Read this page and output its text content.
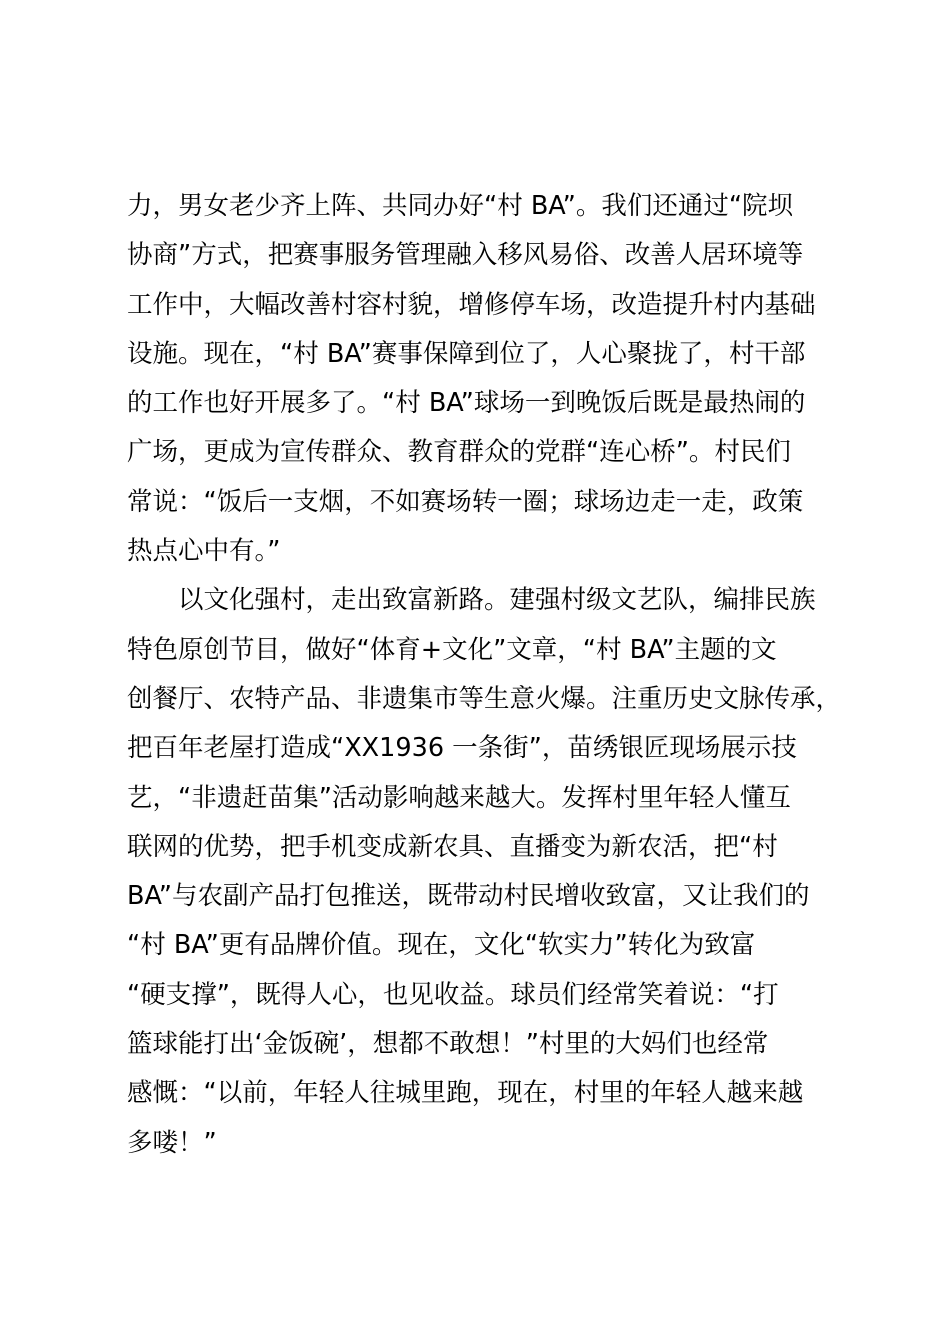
力，男女老少齐上阵、共同办好“村 BA”。我们还通过“院坝
协商”方式，把赛事服务管理融入移风易俗、改善人居环境等
工作中，大幅改善村容村貌，增修停车场，改造提升村内基础
设施。现在，“村 BA”赛事保障到位了，人心聚拢了，村干部
的工作也好开展多了。“村 BA”球场一到晚饭后既是最热闹的
广场，更成为宣传群众、教育群众的党群“连心桥”。村民们
常说：“饭后一支烟，不如赛场转一圈；球场边走一走，政策
热点心中有。”
　　以文化强村，走出致富新路。建强村级文艺队，编排民族
特色原创节目，做好“体育+文化”文章，“村 BA”主题的文
创餐厅、农特产品、非遗集市等生意火爆。注重历史文脉传承，
把百年老屋打造成“XX1936 一条街”，苗绣银匠现场展示技
艺，“非遗赶苗集”活动影响越来越大。发挥村里年轻人懂互
联网的优势，把手机变成新农具、直播变为新农活，把“村
BA”与农副产品打包推送，既带动村民增收致富，又让我们的
“村 BA”更有品牌价值。现在，文化“软实力”转化为致富
“硬支撑”，既得人心，也见收益。球员们经常笑着说：“打
篮球能打出‘金饭碗’，想都不敢想！”村里的大妈们也经常
感慨：“以前，年轻人往城里跑，现在，村里的年轻人越来越
多喽！”
